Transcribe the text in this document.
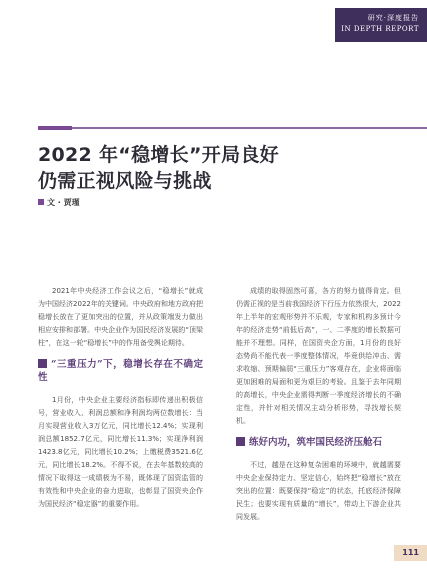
研究·深度报告
IN DEPTH REPORT
2022 年“稳增长”开局良好
仍需正视风险与挑战
文 · 贾瑾

2021年中央经济工作会议之后，“稳增长”就成为中国经济2022年的关键词。中央政府和地方政府把稳增长放在了更加突出的位置，并从政策端发力做出相应安排和部署。中央企业作为国民经济发展的“顶梁柱”，在这一轮“稳增长”中的作用备受舆论期待。

“三重压力”下，稳增长存在不确定性

1月份，中央企业主要经济指标即传递出积极信号，营业收入、利润总额和净利润均两位数增长：当月实现营业收入3万亿元，同比增长12.4%；实现利润总额1852.7亿元，同比增长11.3%；实现净利润1423.8亿元，同比增长10.2%；上缴税费3521.6亿元，同比增长18.2%。不得不说，在去年基数较高的情况下取得这一成绩极为不易，既体现了国资监管的有效性和中央企业的奋力进取，也彰显了国资央企作为国民经济“稳定器”的重要作用。

成绩的取得固然可喜，各方的努力值得肯定。但仍需正视的是当前我国经济下行压力依然很大，2022年上半年的宏观形势并不乐观，专家和机构多预计今年的经济走势“前低后高”，一、二季度的增长数据可能并不理想。同样，在国资央企方面，1月份的良好态势尚不能代表一季度整体情况，毕竟供给冲击、需求收缩、预期偏弱“三重压力”客观存在，企业将面临更加困难的局面和更为艰巨的考验。且鉴于去年同期的高增长，中央企业需得判断一季度经济增长的不确定性，并针对相关情况主动分析形势，寻找增长契机。

练好内功，筑牢国民经济压舱石

不过，越是在这种复杂困难的环境中，就越需要中央企业保持定力、坚定信心，始终把“稳增长”放在突出的位置：既要保持“稳定”的状态，托底经济保障民生；也要实现有质量的“增长”，带动上下游企业共同发展。

111
